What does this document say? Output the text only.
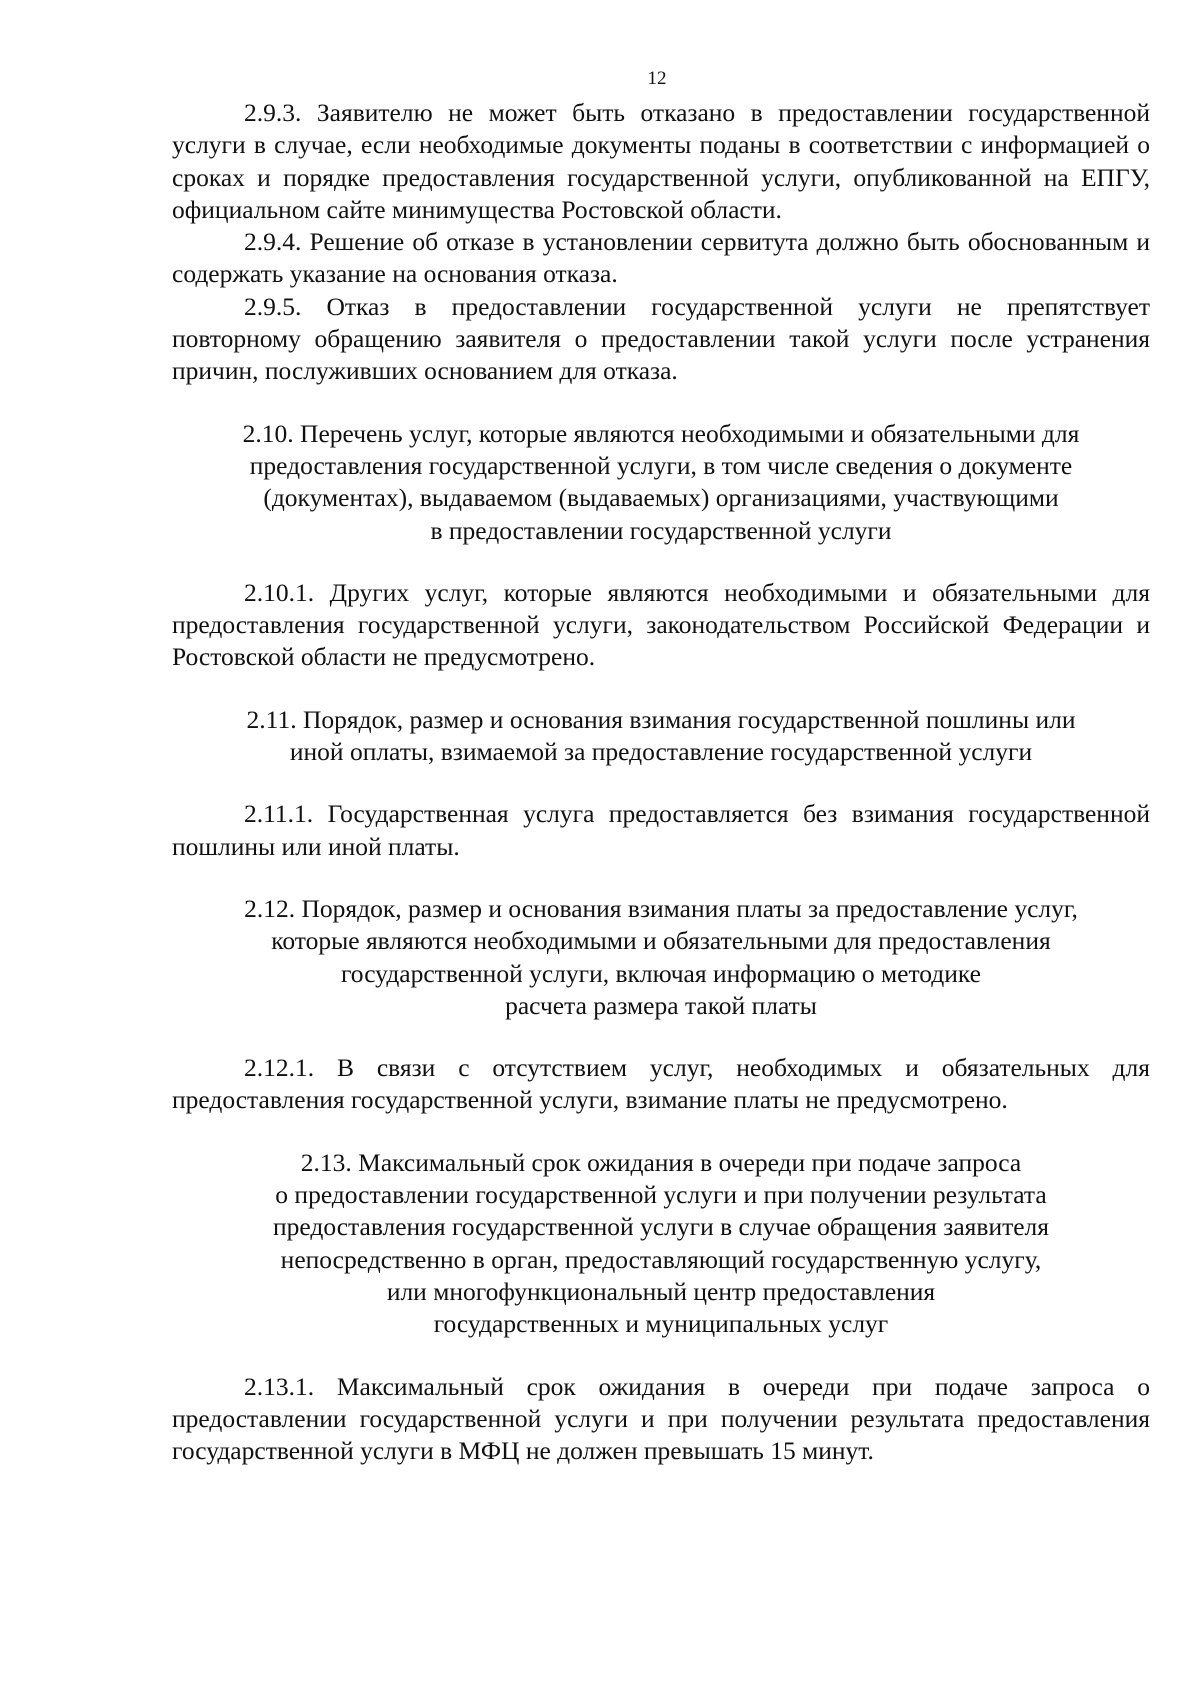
12

2.9.3. Заявителю не может быть отказано в предоставлении государственной услуги в случае, если необходимые документы поданы в соответствии с информацией о сроках и порядке предоставления государственной услуги, опубликованной на ЕПГУ, официальном сайте минимущества Ростовской области.

2.9.4. Решение об отказе в установлении сервитута должно быть обоснованным и содержать указание на основания отказа.

2.9.5. Отказ в предоставлении государственной услуги не препятствует повторному обращению заявителя о предоставлении такой услуги после устранения причин, послуживших основанием для отказа.

2.10. Перечень услуг, которые являются необходимыми и обязательными для
предоставления государственной услуги, в том числе сведения о документе
(документах), выдаваемом (выдаваемых) организациями, участвующими
в предоставлении государственной услуги

2.10.1. Других услуг, которые являются необходимыми и обязательными для предоставления государственной услуги, законодательством Российской Федерации и Ростовской области не предусмотрено.

2.11. Порядок, размер и основания взимания государственной пошлины или
иной оплаты, взимаемой за предоставление государственной услуги

2.11.1. Государственная услуга предоставляется без взимания государственной пошлины или иной платы.

2.12. Порядок, размер и основания взимания платы за предоставление услуг,
которые являются необходимыми и обязательными для предоставления
государственной услуги, включая информацию о методике
расчета размера такой платы

2.12.1. В связи с отсутствием услуг, необходимых и обязательных для предоставления государственной услуги, взимание платы не предусмотрено.

2.13. Максимальный срок ожидания в очереди при подаче запроса
о предоставлении государственной услуги и при получении результата
предоставления государственной услуги в случае обращения заявителя
непосредственно в орган, предоставляющий государственную услугу,
или многофункциональный центр предоставления
государственных и муниципальных услуг

2.13.1. Максимальный срок ожидания в очереди при подаче запроса о предоставлении государственной услуги и при получении результата предоставления государственной услуги в МФЦ не должен превышать 15 минут.
